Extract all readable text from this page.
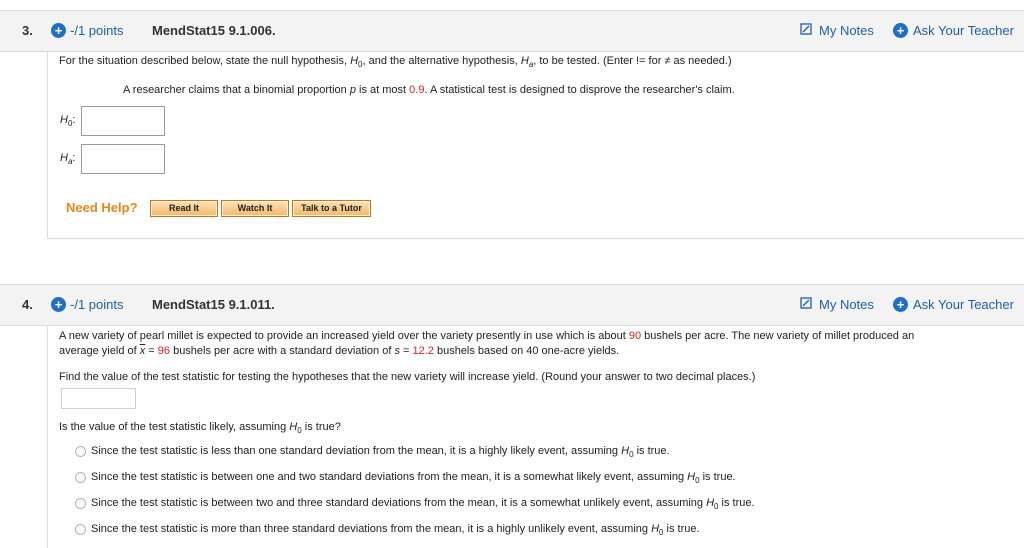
3. + -/1 points MendStat15 9.1.006.	My Notes + Ask Your Teacher
For the situation described below, state the null hypothesis, $H_0$, and the alternative hypothesis, $H_a$, to be tested. (Enter != for ≠ as needed.)
A researcher claims that a binomial proportion p is at most 0.9. A statistical test is designed to disprove the researcher's claim.
$H_0$:
$H_a$:
Need Help?	Read It	Watch It	Talk to a Tutor
4. + -/1 points MendStat15 9.1.011.	My Notes + Ask Your Teacher
A new variety of pearl millet is expected to provide an increased yield over the variety presently in use which is about 90 bushels per acre. The new variety of millet produced an
average yield of $\overline{x} = 96$ bushels per acre with a standard deviation of s = 12.2 bushels based on 40 one-acre yields.
Find the value of the test statistic for testing the hypotheses that the new variety will increase yield. (Round your answer to two decimal places.)
Is the value of the test statistic likely, assuming $H_0$ is true?
Since the test statistic is less than one standard deviation from the mean, it is a highly likely event, assuming $H_0$ is true.
Since the test statistic is between one and two standard deviations from the mean, it is a somewhat likely event, assuming $H_0$ is true.
Since the test statistic is between two and three standard deviations from the mean, it is a somewhat unlikely event, assuming $H_0$ is true.
Since the test statistic is more than three standard deviations from the mean, it is a highly unlikely event, assuming $H_0$ is true.
